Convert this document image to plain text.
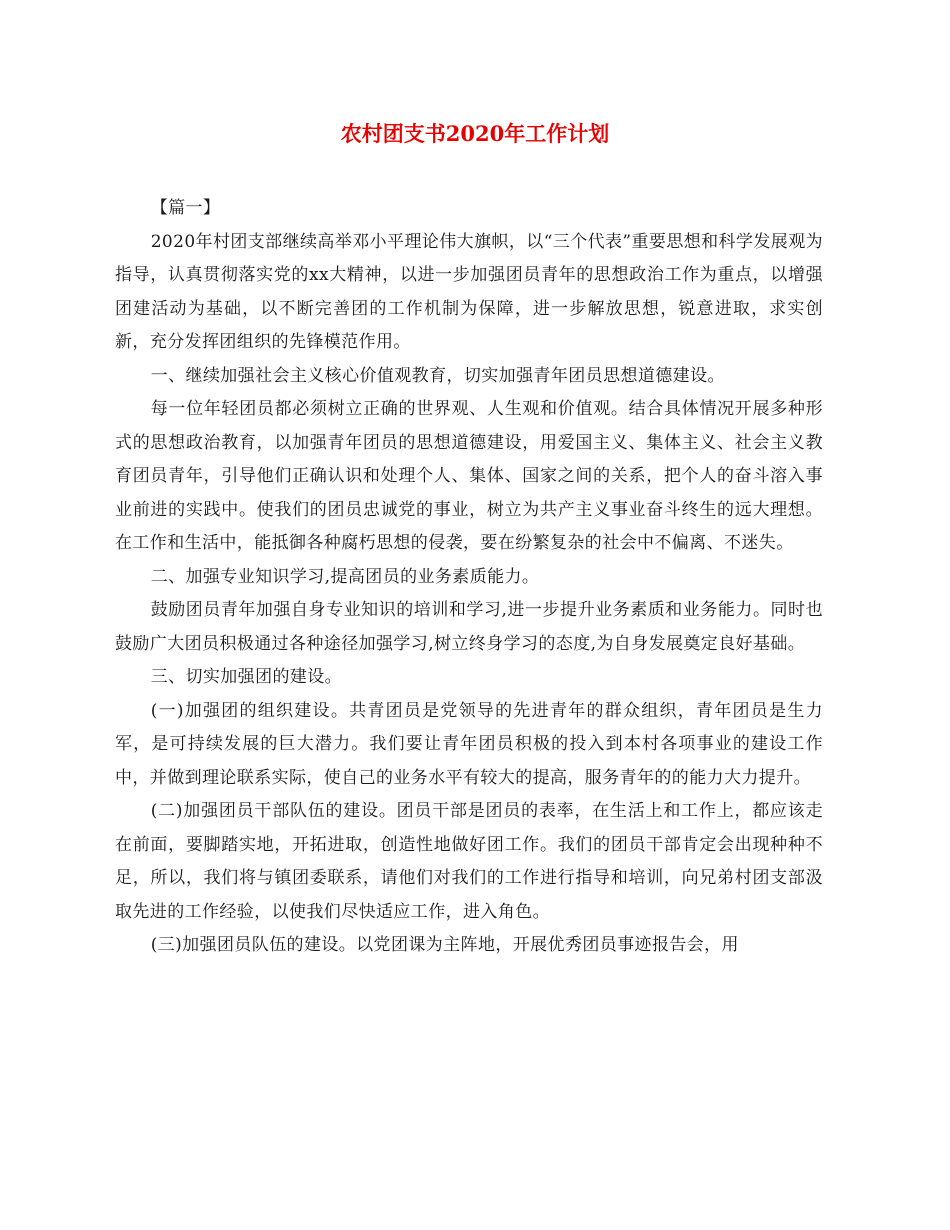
农村团支书2020年工作计划

【篇一】

2020年村团支部继续高举邓小平理论伟大旗帜，以“三个代表”重要思想和科学发展观为指导，认真贯彻落实党的xx大精神，以进一步加强团员青年的思想政治工作为重点，以增强团建活动为基础，以不断完善团的工作机制为保障，进一步解放思想，锐意进取，求实创新，充分发挥团组织的先锋模范作用。

一、继续加强社会主义核心价值观教育，切实加强青年团员思想道德建设。

每一位年轻团员都必须树立正确的世界观、人生观和价值观。结合具体情况开展多种形式的思想政治教育，以加强青年团员的思想道德建设，用爱国主义、集体主义、社会主义教育团员青年，引导他们正确认识和处理个人、集体、国家之间的关系，把个人的奋斗溶入事业前进的实践中。使我们的团员忠诚党的事业，树立为共产主义事业奋斗终生的远大理想。在工作和生活中，能抵御各种腐朽思想的侵袭，要在纷繁复杂的社会中不偏离、不迷失。

二、加强专业知识学习,提高团员的业务素质能力。

鼓励团员青年加强自身专业知识的培训和学习,进一步提升业务素质和业务能力。同时也鼓励广大团员积极通过各种途径加强学习,树立终身学习的态度,为自身发展奠定良好基础。

三、切实加强团的建设。

(一)加强团的组织建设。共青团员是党领导的先进青年的群众组织，青年团员是生力军，是可持续发展的巨大潜力。我们要让青年团员积极的投入到本村各项事业的建设工作中，并做到理论联系实际，使自己的业务水平有较大的提高，服务青年的的能力大力提升。

(二)加强团员干部队伍的建设。团员干部是团员的表率，在生活上和工作上，都应该走在前面，要脚踏实地，开拓进取，创造性地做好团工作。我们的团员干部肯定会出现种种不足，所以，我们将与镇团委联系，请他们对我们的工作进行指导和培训，向兄弟村团支部汲取先进的工作经验，以使我们尽快适应工作，进入角色。

(三)加强团员队伍的建设。以党团课为主阵地，开展优秀团员事迹报告会，用
